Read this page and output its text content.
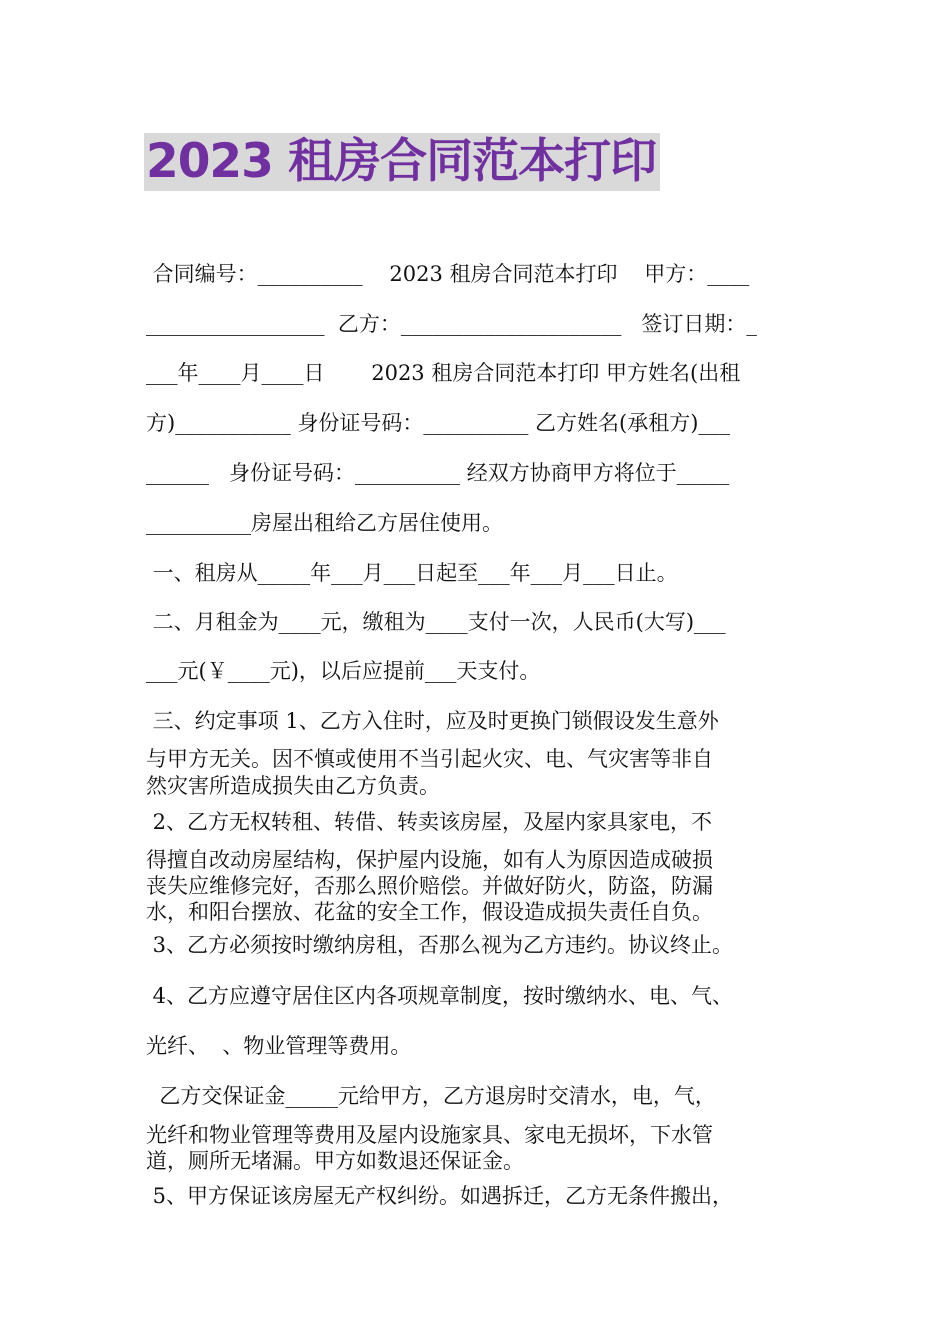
2023 租房合同范本打印
合同编号：__________    2023 租房合同范本打印    甲方：____
_________________  乙方：_____________________   签订日期：_
___年____月____日       2023 租房合同范本打印 甲方姓名(出租
方)___________ 身份证号码：__________ 乙方姓名(承租方)___
______   身份证号码：__________ 经双方协商甲方将位于_____
__________房屋出租给乙方居住使用。
一、租房从_____年___月___日起至___年___月___日止。
二、月租金为____元，缴租为____支付一次，人民币(大写)___
___元(￥____元)，以后应提前___天支付。
三、约定事项 1、乙方入住时，应及时更换门锁假设发生意外
与甲方无关。因不慎或使用不当引起火灾、电、气灾害等非自
然灾害所造成损失由乙方负责。
2、乙方无权转租、转借、转卖该房屋，及屋内家具家电，不
得擅自改动房屋结构，保护屋内设施，如有人为原因造成破损
丧失应维修完好，否那么照价赔偿。并做好防火，防盗，防漏
水，和阳台摆放、花盆的安全工作，假设造成损失责任自负。
3、乙方必须按时缴纳房租，否那么视为乙方违约。协议终止。
4、乙方应遵守居住区内各项规章制度，按时缴纳水、电、气、
光纤、  、物业管理等费用。
乙方交保证金_____元给甲方，乙方退房时交清水，电，气，
光纤和物业管理等费用及屋内设施家具、家电无损坏，下水管
道，厕所无堵漏。甲方如数退还保证金。
5、甲方保证该房屋无产权纠纷。如遇拆迁，乙方无条件搬出，
